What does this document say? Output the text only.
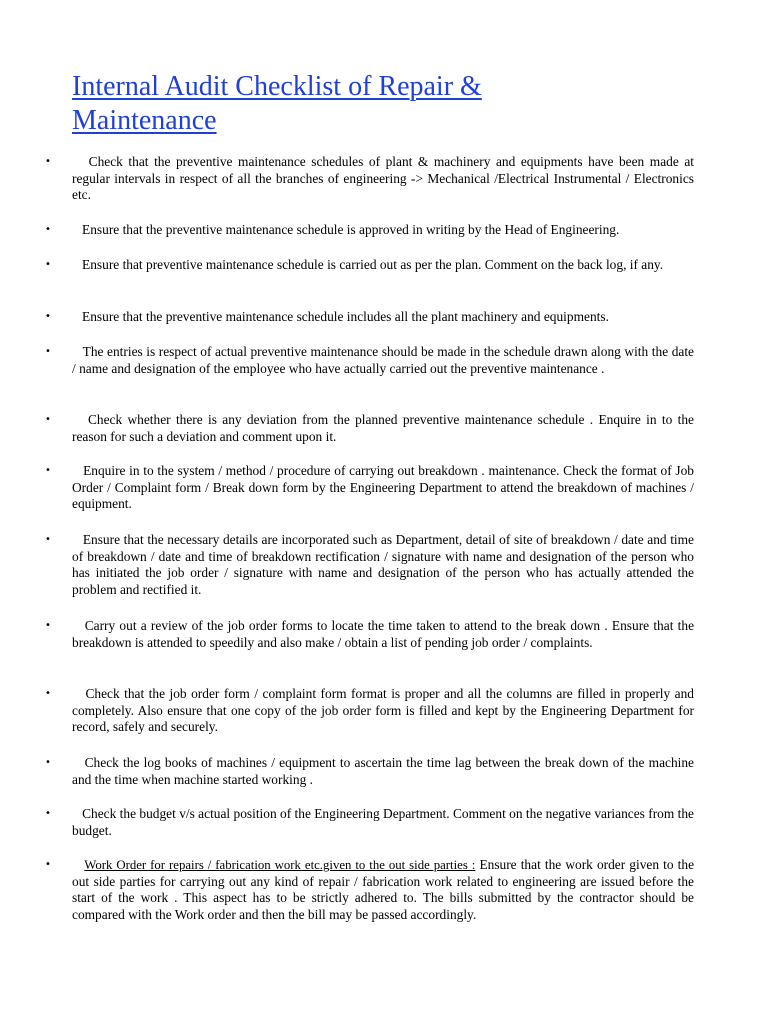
Internal Audit Checklist of Repair &
Maintenance
•	Check that the preventive maintenance schedules of plant & machinery and equipments have been made at regular intervals in respect of all the branches of engineering -> Mechanical /Electrical Instrumental / Electronics etc.
•	Ensure that the preventive maintenance schedule is approved in writing by the Head of Engineering.
•	Ensure that preventive maintenance schedule is carried out as per the plan. Comment on the back log, if any.
•	Ensure that the preventive maintenance schedule includes all the plant machinery and equipments.
•	The entries is respect of actual preventive maintenance should be made in the schedule drawn along with the date / name and designation of the employee who have actually carried out the preventive maintenance .
•	Check whether there is any deviation from the planned preventive maintenance schedule . Enquire in to the reason for such a deviation and comment upon it.
•	Enquire in to the system / method / procedure of carrying out breakdown . maintenance. Check the format of Job Order / Complaint form / Break down form by the Engineering Department to attend the breakdown of machines / equipment.
•	Ensure that the necessary details are incorporated such as Department, detail of site of breakdown / date and time of breakdown / date and time of breakdown rectification / signature with name and designation of the person who has initiated the job order / signature with name and designation of the person who has actually attended the problem and rectified it.
•	Carry out a review of the job order forms to locate the time taken to attend to the break down . Ensure that the breakdown is attended to speedily and also make / obtain a list of pending job order / complaints.
•	Check that the job order form / complaint form format is proper and all the columns are filled in properly and completely. Also ensure that one copy of the job order form is filled and kept by the Engineering Department for record, safely and securely.
•	Check the log books of machines / equipment to ascertain the time lag between the break down of the machine and the time when machine started working .
•	Check the budget v/s actual position of the Engineering Department. Comment on the negative variances from the budget.
•	Work Order for repairs / fabrication work etc.given to the out side parties : Ensure that the work order given to the out side parties for carrying out any kind of repair / fabrication work related to engineering are issued before the start of the work . This aspect has to be strictly adhered to. The bills submitted by the contractor should be compared with the Work order and then the bill may be passed accordingly.
